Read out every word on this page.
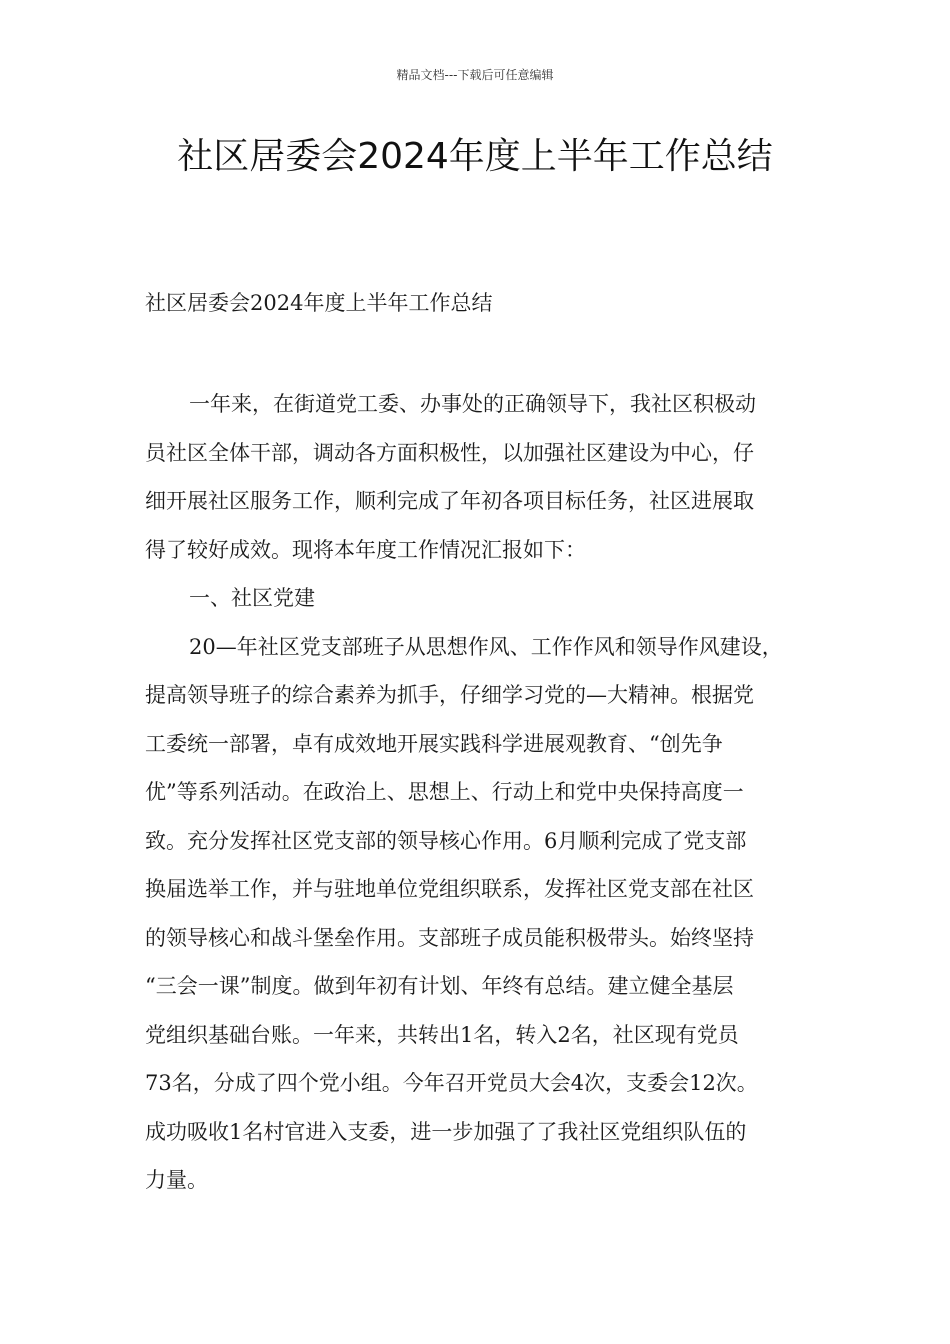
精品文档---下载后可任意编辑
社区居委会2024年度上半年工作总结

社区居委会2024年度上半年工作总结

一年来，在街道党工委、办事处的正确领导下，我社区积极动
员社区全体干部，调动各方面积极性，以加强社区建设为中心，仔
细开展社区服务工作，顺利完成了年初各项目标任务，社区进展取
得了较好成效。现将本年度工作情况汇报如下：

一、社区党建

20—年社区党支部班子从思想作风、工作作风和领导作风建设，
提高领导班子的综合素养为抓手，仔细学习党的—大精神。根据党
工委统一部署，卓有成效地开展实践科学进展观教育、“创先争
优”等系列活动。在政治上、思想上、行动上和党中央保持高度一
致。充分发挥社区党支部的领导核心作用。6月顺利完成了党支部
换届选举工作，并与驻地单位党组织联系，发挥社区党支部在社区
的领导核心和战斗堡垒作用。支部班子成员能积极带头。始终坚持
“三会一课”制度。做到年初有计划、年终有总结。建立健全基层
党组织基础台账。一年来，共转出1名，转入2名，社区现有党员
73名，分成了四个党小组。今年召开党员大会4次，支委会12次。
成功吸收1名村官进入支委，进一步加强了了我社区党组织队伍的
力量。
